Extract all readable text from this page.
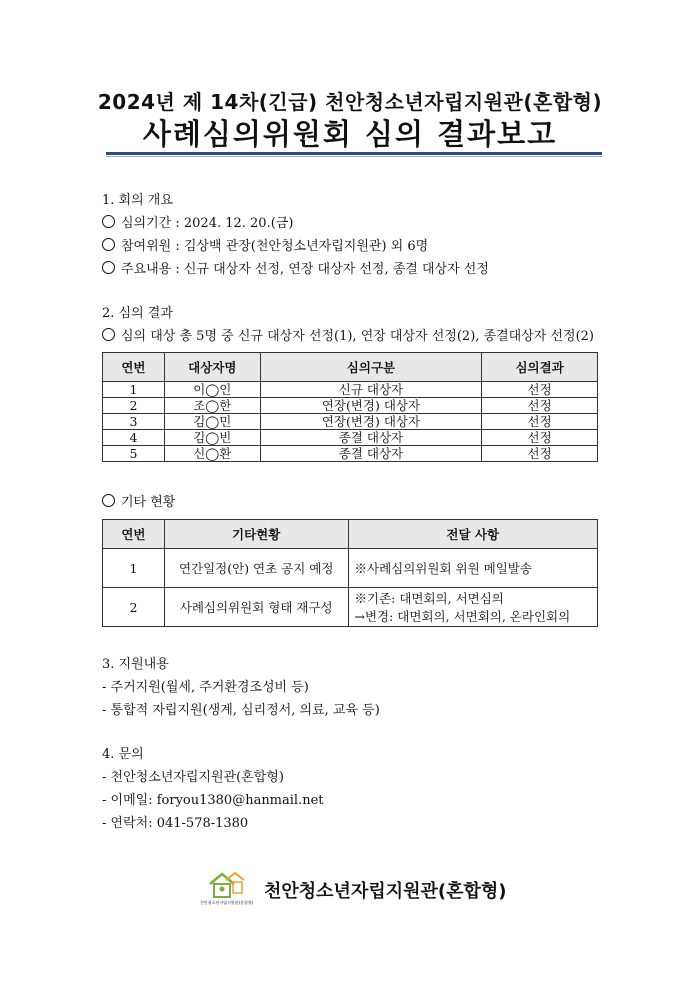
2024년 제 14차(긴급) 천안청소년자립지원관(혼합형)
사례심의위원회 심의 결과보고
1. 회의 개요
심의기간 : 2024. 12. 20.(금)
참여위원 : 김상백 관장(천안청소년자립지원관) 외 6명
주요내용 : 신규 대상자 선정, 연장 대상자 선정, 종결 대상자 선정
2. 심의 결과
심의 대상 총 5명 중 신규 대상자 선정(1), 연장 대상자 선정(2), 종결대상자 선정(2)
연번	대상자명	심의구분	심의결과
1	이◯인	신규 대상자	선정
2	조◯한	연장(변경) 대상자	선정
3	김◯민	연장(변경) 대상자	선정
4	김◯빈	종결 대상자	선정
5	신◯환	종결 대상자	선정
기타 현황
연번	기타현황	전달 사항
1	연간일정(안) 연초 공지 예정	※사례심의위원회 위원 메일발송
2	사례심의위원회 형태 재구성	※기존: 대면회의, 서면심의
→변경: 대면회의, 서면회의, 온라인회의
3. 지원내용
- 주거지원(월세, 주거환경조성비 등)
- 통합적 자립지원(생계, 심리정서, 의료, 교육 등)
4. 문의
- 천안청소년자립지원관(혼합형)
- 이메일: foryou1380@hanmail.net
- 연락처: 041-578-1380
천안청소년자립지원관(혼합형)
천안청소년자립지원관(혼합형)
